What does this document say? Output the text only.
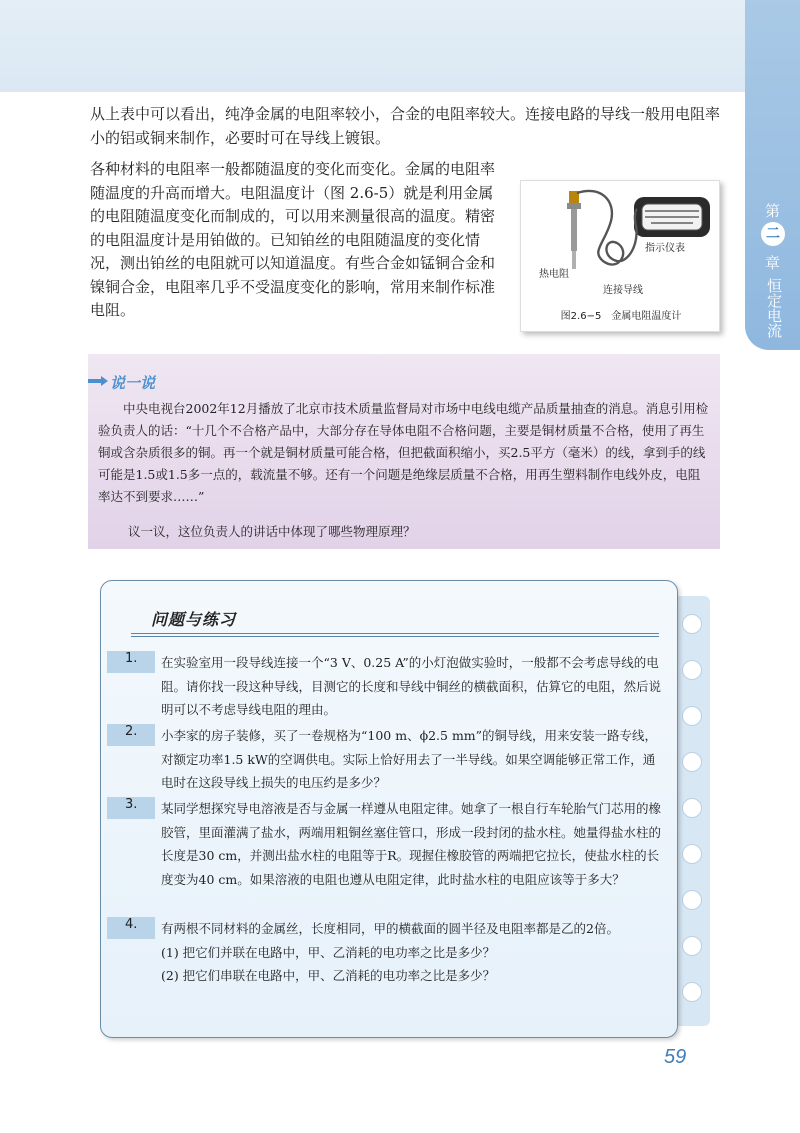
第
二
章
恒定电流
从上表中可以看出，纯净金属的电阻率较小，合金的电阻率较大。连接电路的导线一般用电阻率小的铝或铜来制作，必要时可在导线上镀银。
各种材料的电阻率一般都随温度的变化而变化。金属的电阻率随温度的升高而增大。电阻温度计（图 2.6-5）就是利用金属的电阻随温度变化而制成的，可以用来测量很高的温度。精密的电阻温度计是用铂做的。已知铂丝的电阻随温度的变化情况，测出铂丝的电阻就可以知道温度。有些合金如锰铜合金和镍铜合金，电阻率几乎不受温度变化的影响，常用来制作标准电阻。
指示仪表
热电阻
连接导线
图2.6−5　金属电阻温度计
说一说
中央电视台2002年12月播放了北京市技术质量监督局对市场中电线电缆产品质量抽查的消息。消息引用检验负责人的话：“十几个不合格产品中，大部分存在导体电阻不合格问题，主要是铜材质量不合格，使用了再生铜或含杂质很多的铜。再一个就是铜材质量可能合格，但把截面积缩小，买2.5平方（毫米）的线，拿到手的线可能是1.5或1.5多一点的，载流量不够。还有一个问题是绝缘层质量不合格，用再生塑料制作电线外皮，电阻率达不到要求……”
议一议，这位负责人的讲话中体现了哪些物理原理？
问题与练习
1. 在实验室用一段导线连接一个“3 V、0.25 A”的小灯泡做实验时，一般都不会考虑导线的电阻。请你找一段这种导线，目测它的长度和导线中铜丝的横截面积，估算它的电阻，然后说明可以不考虑导线电阻的理由。

2. 小李家的房子装修，买了一卷规格为“100 m、ϕ2.5 mm”的铜导线，用来安装一路专线，对额定功率1.5 kW的空调供电。实际上恰好用去了一半导线。如果空调能够正常工作，通电时在这段导线上损失的电压约是多少？

3. 某同学想探究导电溶液是否与金属一样遵从电阻定律。她拿了一根自行车轮胎气门芯用的橡胶管，里面灌满了盐水，两端用粗铜丝塞住管口，形成一段封闭的盐水柱。她量得盐水柱的长度是30 cm，并测出盐水柱的电阻等于R。现握住橡胶管的两端把它拉长，使盐水柱的长度变为40 cm。如果溶液的电阻也遵从电阻定律，此时盐水柱的电阻应该等于多大？

4. 有两根不同材料的金属丝，长度相同，甲的横截面的圆半径及电阻率都是乙的2倍。

(1) 把它们并联在电路中，甲、乙消耗的电功率之比是多少？

(2) 把它们串联在电路中，甲、乙消耗的电功率之比是多少？

59
